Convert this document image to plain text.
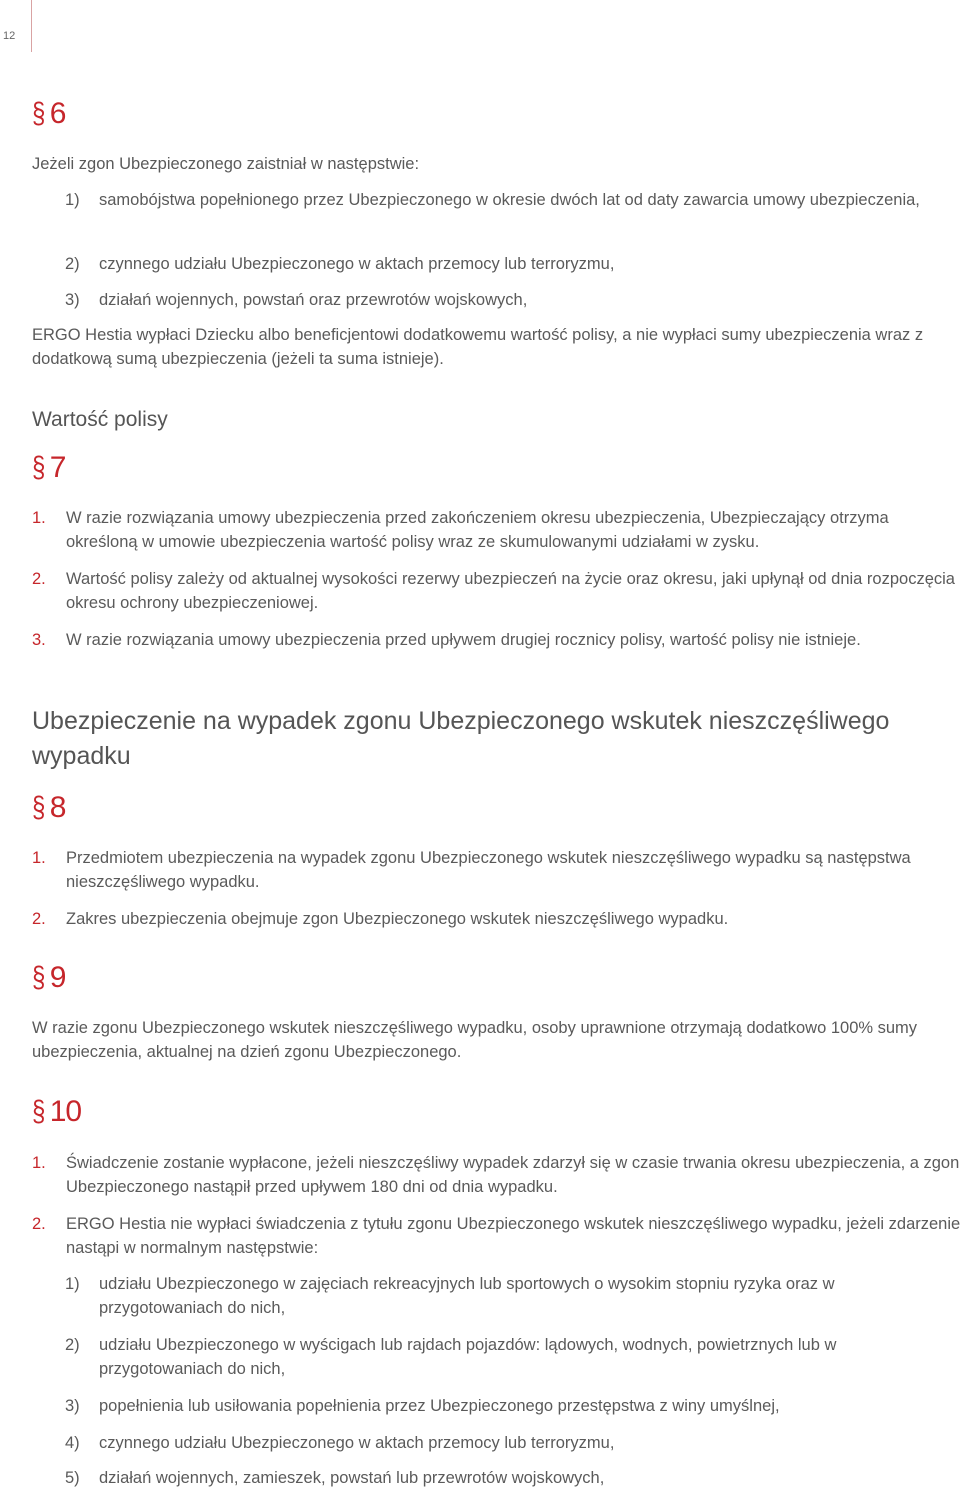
12
§ 6
Jeżeli zgon Ubezpieczonego zaistniał w następstwie:
1)	samobójstwa popełnionego przez Ubezpieczonego w okresie dwóch lat od daty zawarcia umowy ubezpieczenia,
2)	czynnego udziału Ubezpieczonego w aktach przemocy lub terroryzmu,
3)	działań wojennych, powstań oraz przewrotów wojskowych,
ERGO Hestia wypłaci Dziecku albo beneficjentowi dodatkowemu wartość polisy, a nie wypłaci sumy ubezpieczenia wraz z dodatkową sumą ubezpieczenia (jeżeli ta suma istnieje).
Wartość polisy
§ 7
1.	W razie rozwiązania umowy ubezpieczenia przed zakończeniem okresu ubezpieczenia, Ubezpieczający otrzyma określoną w umowie ubezpieczenia wartość polisy wraz ze skumulowanymi udziałami w zysku.
2.	Wartość polisy zależy od aktualnej wysokości rezerwy ubezpieczeń na życie oraz okresu, jaki upłynął od dnia rozpoczęcia okresu ochrony ubezpieczeniowej.
3.	W razie rozwiązania umowy ubezpieczenia przed upływem drugiej rocznicy polisy, wartość polisy nie istnieje.
Ubezpieczenie na wypadek zgonu Ubezpieczonego wskutek nieszczęśliwego wypadku
§ 8
1.	Przedmiotem ubezpieczenia na wypadek zgonu Ubezpieczonego wskutek nieszczęśliwego wypadku są następstwa nieszczęśliwego wypadku.
2.	Zakres ubezpieczenia obejmuje zgon Ubezpieczonego wskutek nieszczęśliwego wypadku.
§ 9
W razie zgonu Ubezpieczonego wskutek nieszczęśliwego wypadku, osoby uprawnione otrzymają dodatkowo 100% sumy ubezpieczenia, aktualnej na dzień zgonu Ubezpieczonego.
§ 10
1.	Świadczenie zostanie wypłacone, jeżeli nieszczęśliwy wypadek zdarzył się w czasie trwania okresu ubezpieczenia, a zgon Ubezpieczonego nastąpił przed upływem 180 dni od dnia wypadku.
2.	ERGO Hestia nie wypłaci świadczenia z tytułu zgonu Ubezpieczonego wskutek nieszczęśliwego wypadku, jeżeli zdarzenie nastąpi w normalnym następstwie:
1)	udziału Ubezpieczonego w zajęciach rekreacyjnych lub sportowych o wysokim stopniu ryzyka oraz w przygotowaniach do nich,
2)	udziału Ubezpieczonego w wyścigach lub rajdach pojazdów: lądowych, wodnych, powietrznych lub w przygotowaniach do nich,
3)	popełnienia lub usiłowania popełnienia przez Ubezpieczonego przestępstwa z winy umyślnej,
4)	czynnego udziału Ubezpieczonego w aktach przemocy lub terroryzmu,
5)	działań wojennych, zamieszek, powstań lub przewrotów wojskowych,
